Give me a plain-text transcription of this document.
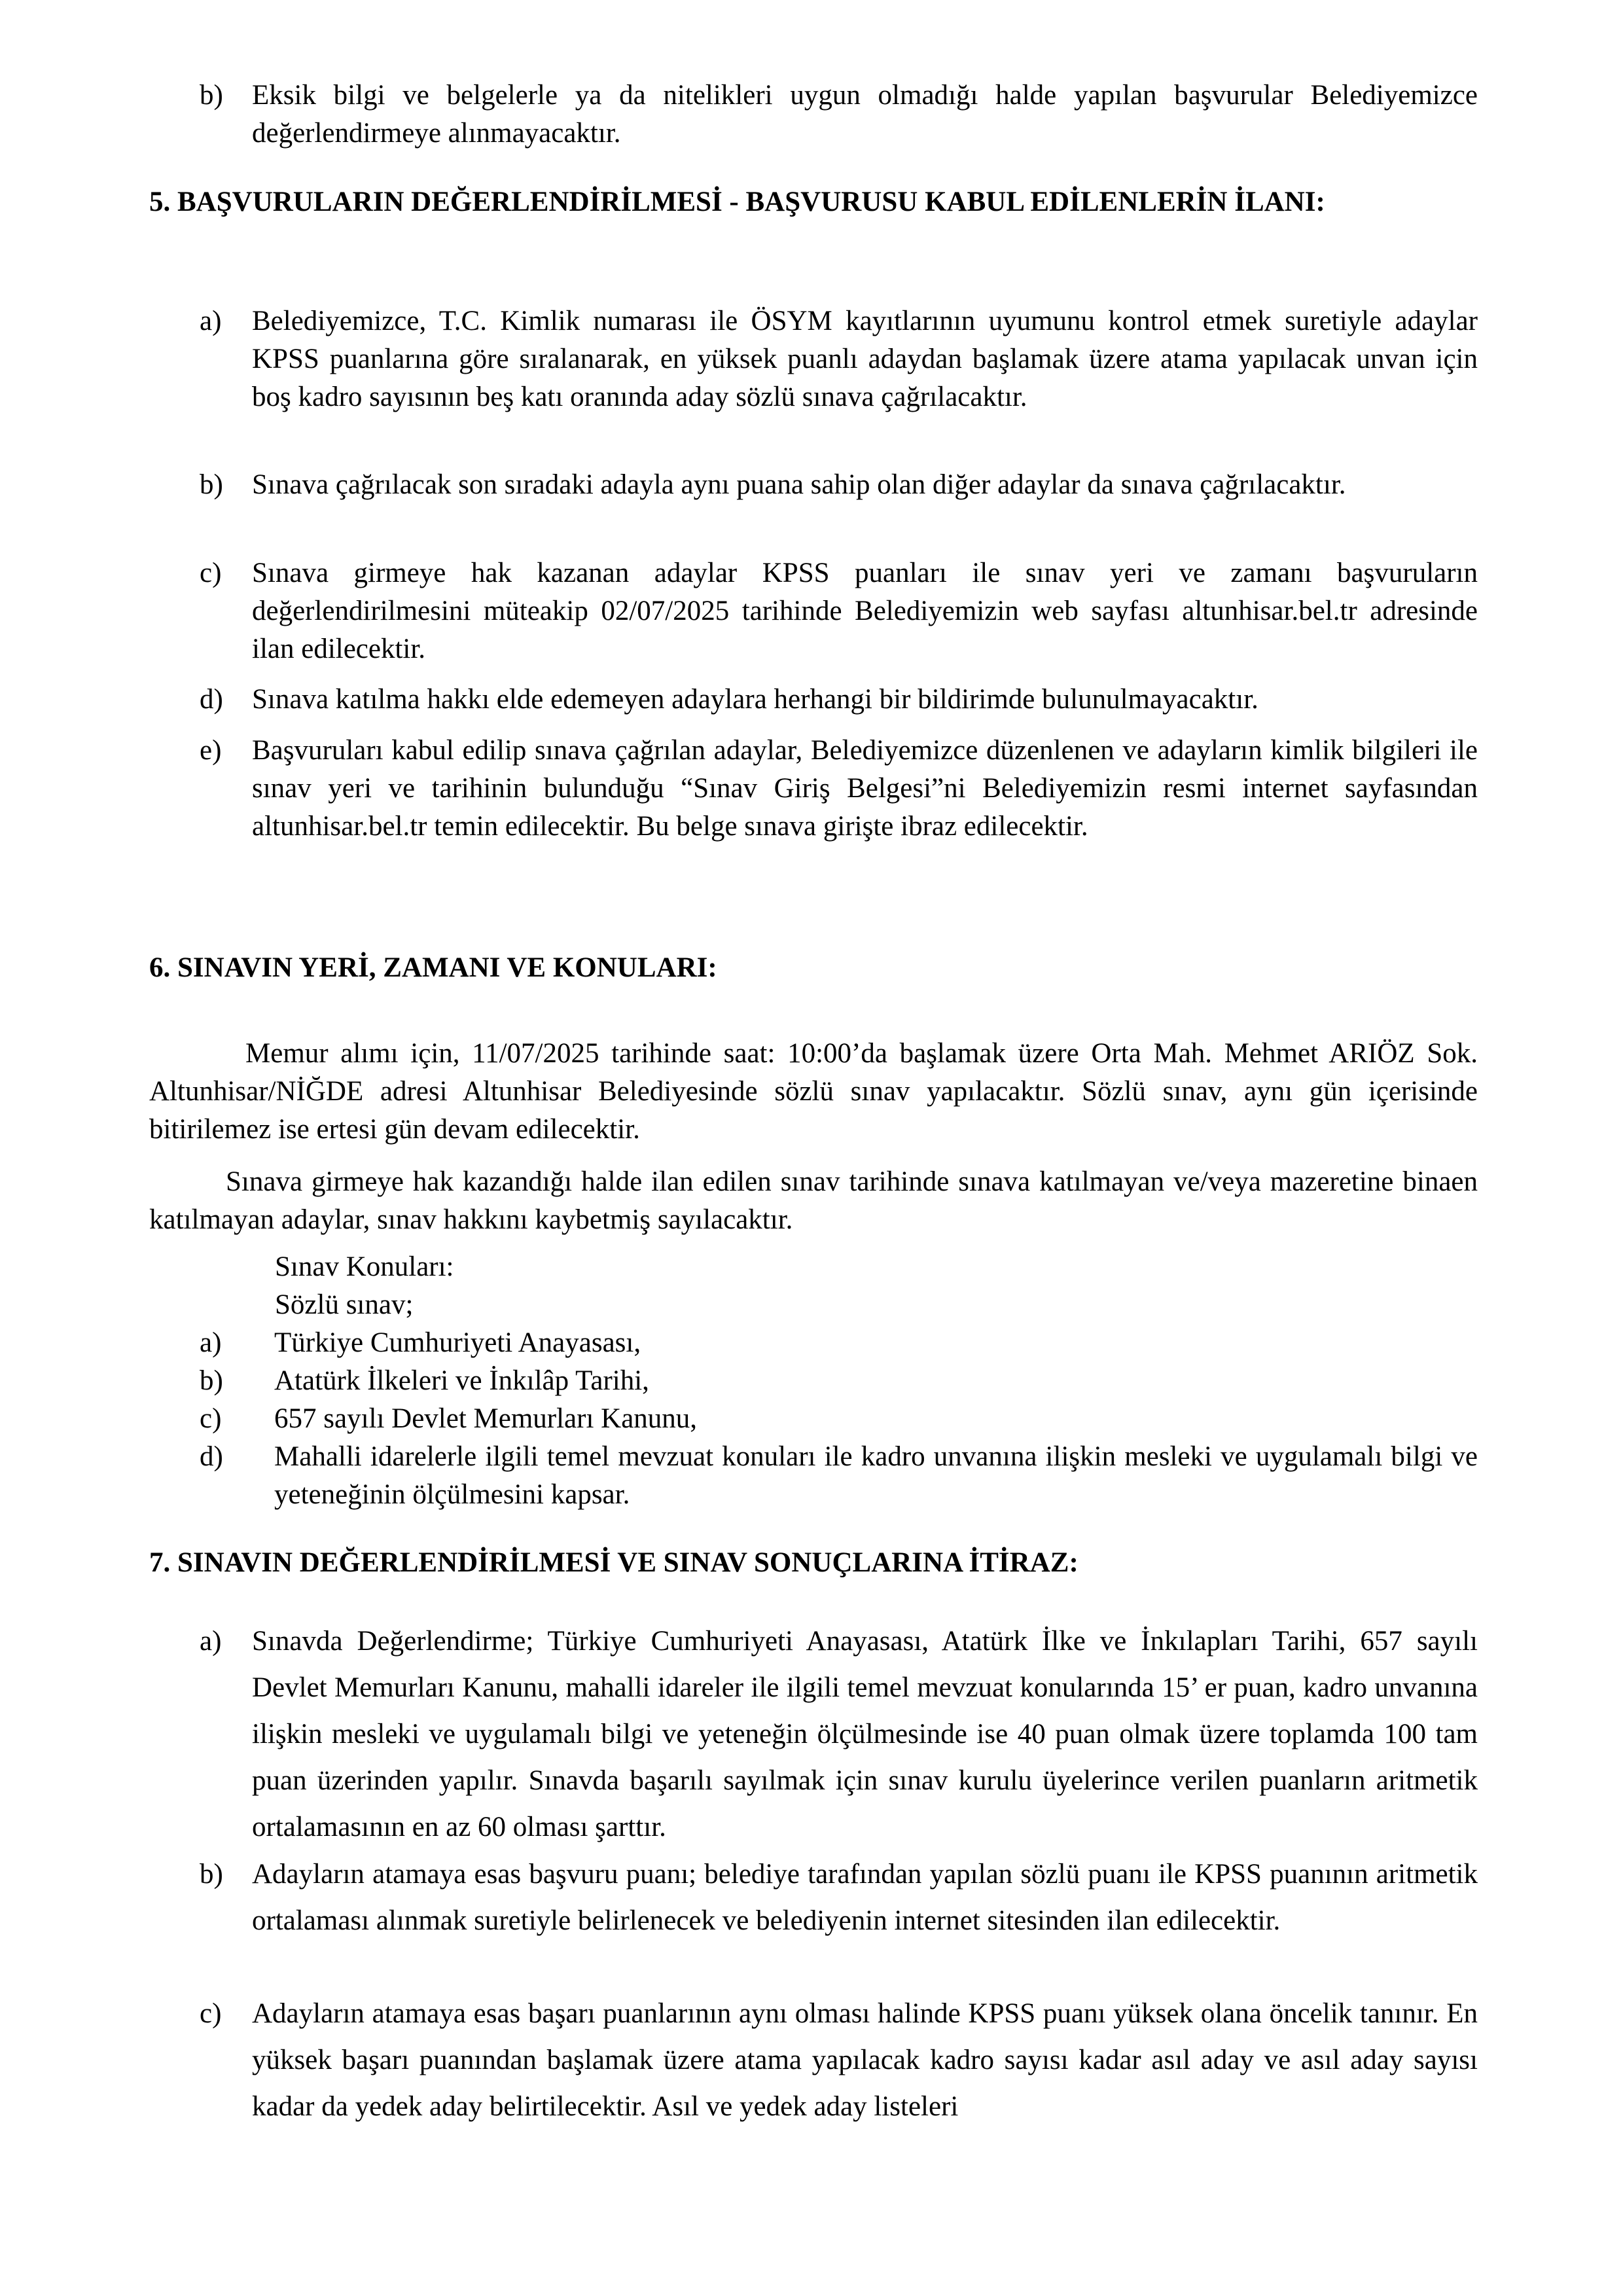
b) Eksik bilgi ve belgelerle ya da nitelikleri uygun olmadığı halde yapılan başvurular Belediyemizce değerlendirmeye alınmayacaktır.
5. BAŞVURULARIN DEĞERLENDİRİLMESİ - BAŞVURUSU KABUL EDİLENLERİN İLANI:
a) Belediyemizce, T.C. Kimlik numarası ile ÖSYM kayıtlarının uyumunu kontrol etmek suretiyle adaylar KPSS puanlarına göre sıralanarak, en yüksek puanlı adaydan başlamak üzere atama yapılacak unvan için boş kadro sayısının beş katı oranında aday sözlü sınava çağrılacaktır.
b) Sınava çağrılacak son sıradaki adayla aynı puana sahip olan diğer adaylar da sınava çağrılacaktır.
c) Sınava girmeye hak kazanan adaylar KPSS puanları ile sınav yeri ve zamanı başvuruların değerlendirilmesini müteakip 02/07/2025 tarihinde Belediyemizin web sayfası altunhisar.bel.tr adresinde ilan edilecektir.
d) Sınava katılma hakkı elde edemeyen adaylara herhangi bir bildirimde bulunulmayacaktır.
e) Başvuruları kabul edilip sınava çağrılan adaylar, Belediyemizce düzenlenen ve adayların kimlik bilgileri ile sınav yeri ve tarihinin bulunduğu “Sınav Giriş Belgesi”ni Belediyemizin resmi internet sayfasından altunhisar.bel.tr temin edilecektir. Bu belge sınava girişte ibraz edilecektir.
6. SINAVIN YERİ, ZAMANI VE KONULARI:
Memur alımı için, 11/07/2025 tarihinde saat: 10:00’da başlamak üzere Orta Mah. Mehmet ARIÖZ Sok. Altunhisar/NİĞDE adresi Altunhisar Belediyesinde sözlü sınav yapılacaktır. Sözlü sınav, aynı gün içerisinde bitirilemez ise ertesi gün devam edilecektir.
Sınava girmeye hak kazandığı halde ilan edilen sınav tarihinde sınava katılmayan ve/veya mazeretine binaen katılmayan adaylar, sınav hakkını kaybetmiş sayılacaktır.
Sınav Konuları:
Sözlü sınav;
a) Türkiye Cumhuriyeti Anayasası,
b) Atatürk İlkeleri ve İnkılâp Tarihi,
c) 657 sayılı Devlet Memurları Kanunu,
d) Mahalli idarelerle ilgili temel mevzuat konuları ile kadro unvanına ilişkin mesleki ve uygulamalı bilgi ve yeteneğinin ölçülmesini kapsar.
7. SINAVIN DEĞERLENDİRİLMESİ VE SINAV SONUÇLARINA İTİRAZ:
a) Sınavda Değerlendirme; Türkiye Cumhuriyeti Anayasası, Atatürk İlke ve İnkılapları Tarihi, 657 sayılı Devlet Memurları Kanunu, mahalli idareler ile ilgili temel mevzuat konularında 15’ er puan, kadro unvanına ilişkin mesleki ve uygulamalı bilgi ve yeteneğin ölçülmesinde ise 40 puan olmak üzere toplamda 100 tam puan üzerinden yapılır. Sınavda başarılı sayılmak için sınav kurulu üyelerince verilen puanların aritmetik ortalamasının en az 60 olması şarttır.
b) Adayların atamaya esas başvuru puanı; belediye tarafından yapılan sözlü puanı ile KPSS puanının aritmetik ortalaması alınmak suretiyle belirlenecek ve belediyenin internet sitesinden ilan edilecektir.
c) Adayların atamaya esas başarı puanlarının aynı olması halinde KPSS puanı yüksek olana öncelik tanınır. En yüksek başarı puanından başlamak üzere atama yapılacak kadro sayısı kadar asıl aday ve asıl aday sayısı kadar da yedek aday belirtilecektir. Asıl ve yedek aday listeleri
